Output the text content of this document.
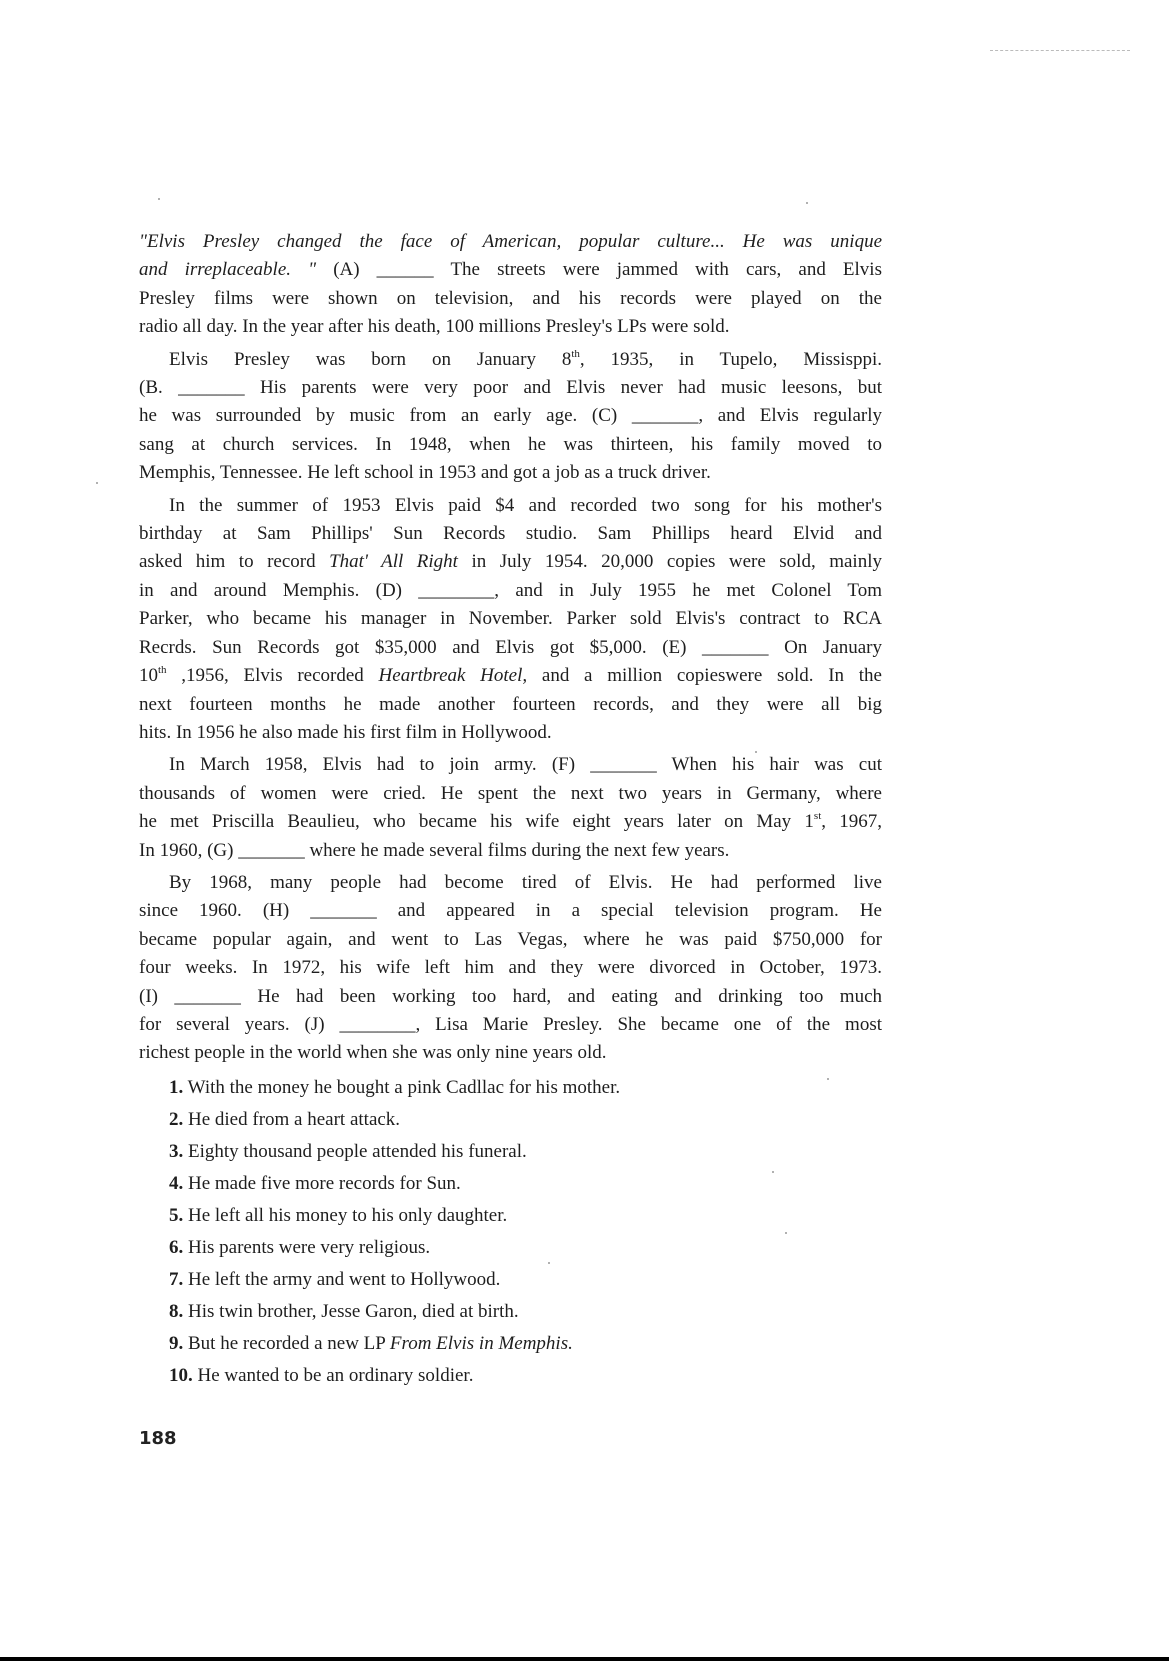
"Elvis Presley changed the face of American, popular culture... He was unique
and irreplaceable. " (A) ______ The streets were jammed with cars, and Elvis
Presley films were shown on television, and his records were played on the
radio all day. In the year after his death, 100 millions Presley's LPs were sold.

Elvis Presley was born on January 8th, 1935, in Tupelo, Missisppi.
(B. _______ His parents were very poor and Elvis never had music leesons, but
he was surrounded by music from an early age. (C) _______, and Elvis regularly
sang at church services. In 1948, when he was thirteen, his family moved to
Memphis, Tennessee. He left school in 1953 and got a job as a truck driver.

In the summer of 1953 Elvis paid $4 and recorded two song for his mother's
birthday at Sam Phillips' Sun Records studio. Sam Phillips heard Elvid and
asked him to record That' All Right in July 1954. 20,000 copies were sold, mainly
in and around Memphis. (D) ________, and in July 1955 he met Colonel Tom
Parker, who became his manager in November. Parker sold Elvis's contract to RCA
Recrds. Sun Records got $35,000 and Elvis got $5,000. (E) _______ On January
10th ,1956, Elvis recorded Heartbreak Hotel, and a million copieswere sold. In the
next fourteen months he made another fourteen records, and they were all big
hits. In 1956 he also made his first film in Hollywood.

In March 1958, Elvis had to join army. (F) _______ When his hair was cut
thousands of women were cried. He spent the next two years in Germany, where
he met Priscilla Beaulieu, who became his wife eight years later on May 1st, 1967,
In 1960, (G) _______ where he made several films during the next few years.

By 1968, many people had become tired of Elvis. He had performed live
since 1960. (H) _______ and appeared in a special television program. He
became popular again, and went to Las Vegas, where he was paid $750,000 for
four weeks. In 1972, his wife left him and they were divorced in October, 1973.
(I) _______ He had been working too hard, and eating and drinking too much
for several years. (J) ________, Lisa Marie Presley. She became one of the most
richest people in the world when she was only nine years old.

1. With the money he bought a pink Cadllac for his mother.
2. He died from a heart attack.
3. Eighty thousand people attended his funeral.
4. He made five more records for Sun.
5. He left all his money to his only daughter.
6. His parents were very religious.
7. He left the army and went to Hollywood.
8. His twin brother, Jesse Garon, died at birth.
9. But he recorded a new LP From Elvis in Memphis.
10. He wanted to be an ordinary soldier.
188
